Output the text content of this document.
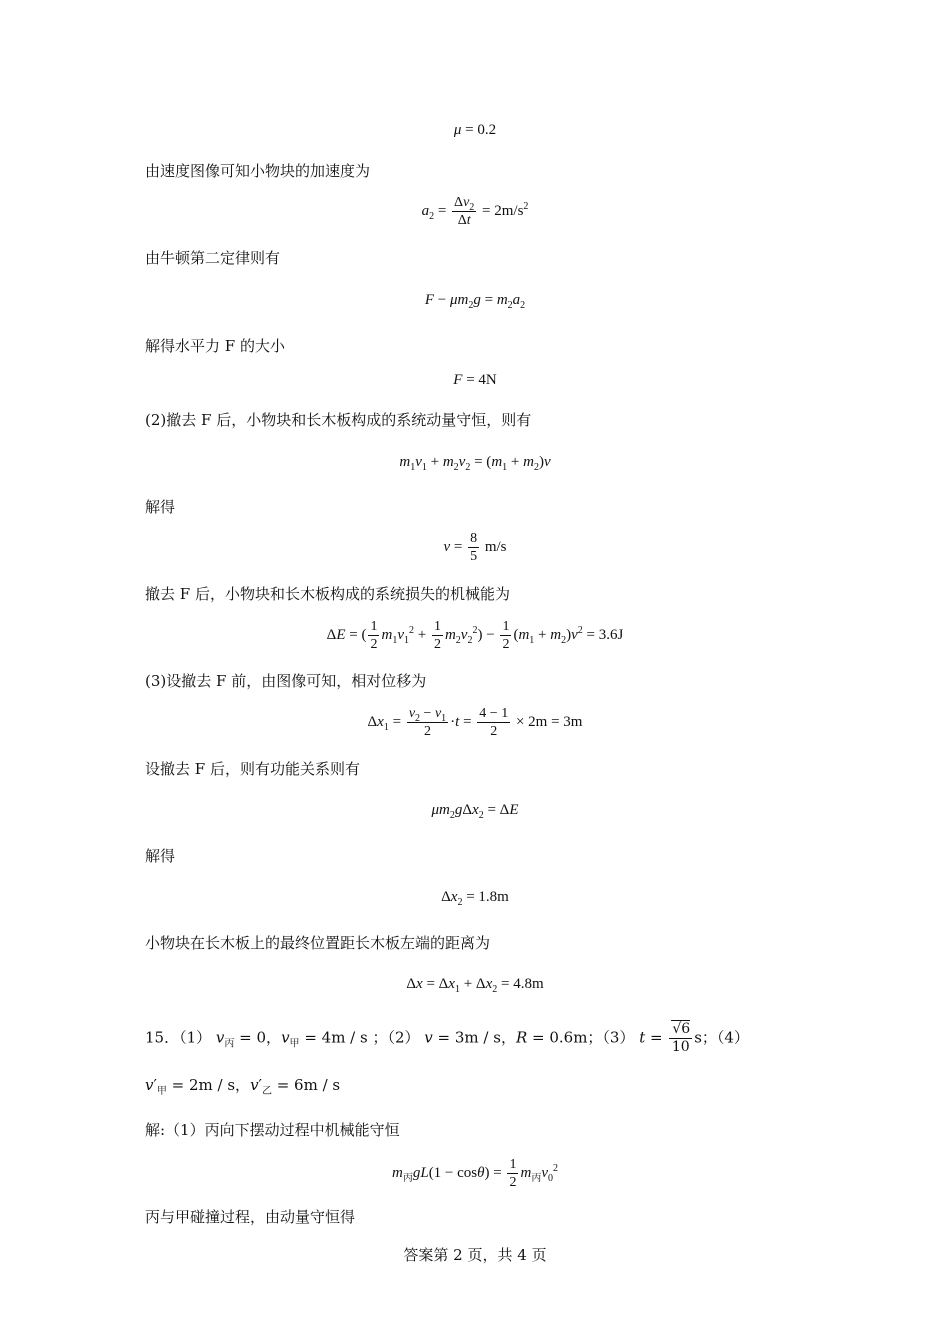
μ = 0.2
由速度图像可知小物块的加速度为
$a_2 = \frac{\Delta v_2}{\Delta t} = 2m/s^2$
由牛顿第二定律则有
$F - \mu m_2g = m_2a_2$
解得水平力 F 的大小
F = 4N
(2)撤去 F 后，小物块和长木板构成的系统动量守恒，则有
$m_1v_1 + m_2v_2 = (m_1 + m_2)v$
解得
$v = \frac{8}{5} m/s$
撤去 F 后，小物块和长木板构成的系统损失的机械能为
ΔE = ( $\frac{1}{2} m_1v_1^2 + \frac{1}{2} m_2v_2^2) - \frac{1}{2} (m_1 + m_2)v^2 = 3.6J$
(3)设撤去 F 前，由图像可知，相对位移为
$\Delta x_1 = \frac{v_2 - v_1}{2} \cdot t = \frac{4 - 1}{2} \times 2m = 3m$
设撤去 F 后，则有功能关系则有
$\mu m_2g\Delta x_2 = \Delta E$
解得
$\Delta x_2 = 1.8m$
小物块在长木板上的最终位置距长木板左端的距离为
$\Delta x = \Delta x_1 + \Delta x_2 = 4.8m$
15．（1） $v_丙 = 0$，$v_甲 = 4m / s$ ；（2） v = 3m / s，R = 0.6m；（3） $t = \frac{√6}{10}$ s；（4）
$v'_甲 = 2m / s$，$v'_乙 = 6m / s$
解:（1）丙向下摆动过程中机械能守恒
$m_丙gL(1 - \cos\theta) = \frac{1}{2} m_丙v_0^2$
丙与甲碰撞过程，由动量守恒得
答案第 2 页，共 4 页
